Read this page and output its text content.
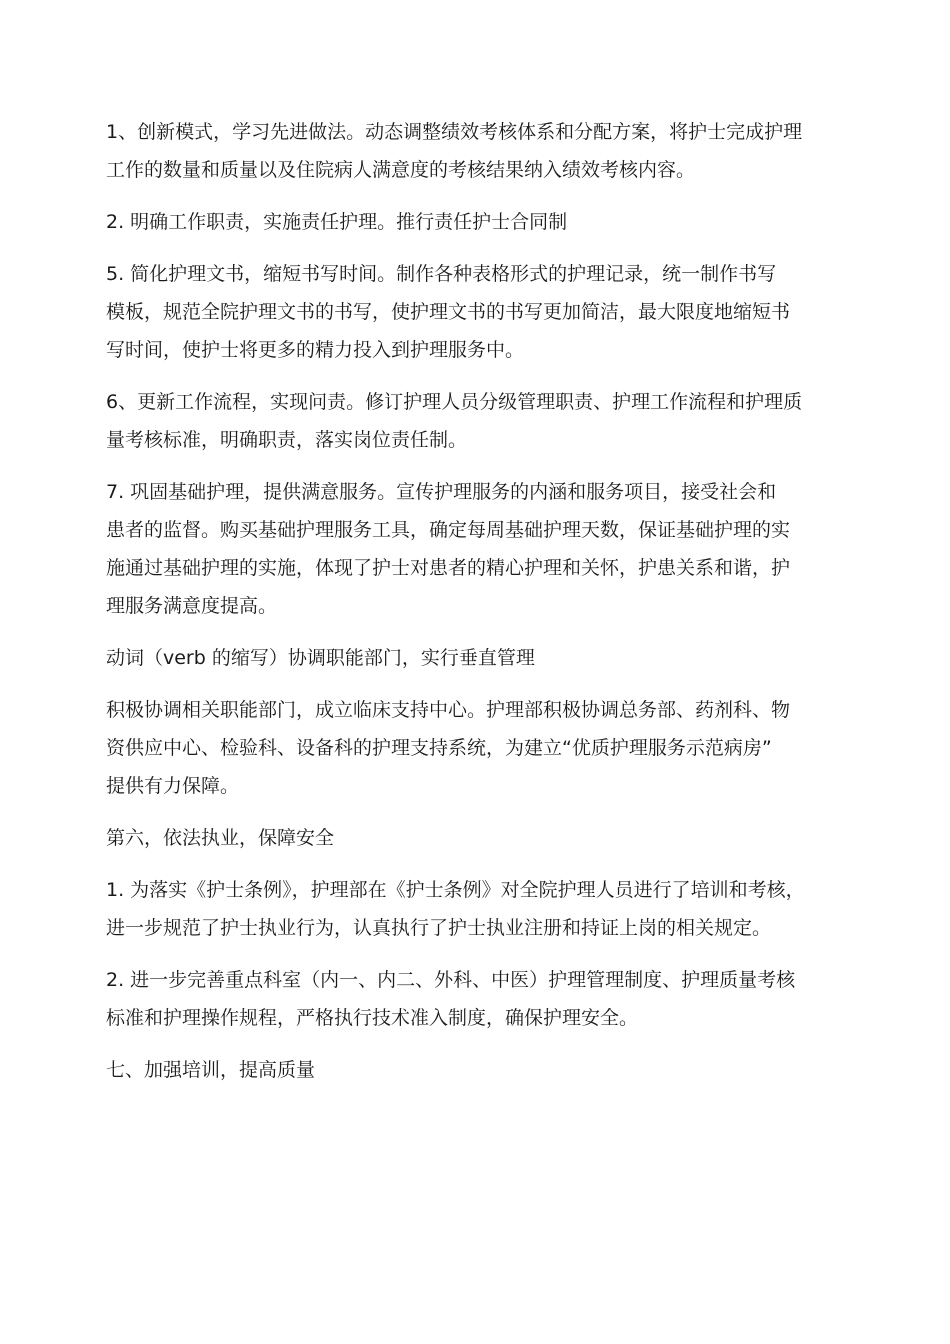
1、创新模式，学习先进做法。动态调整绩效考核体系和分配方案，将护士完成护理
工作的数量和质量以及住院病人满意度的考核结果纳入绩效考核内容。
2. 明确工作职责，实施责任护理。推行责任护士合同制
5. 简化护理文书，缩短书写时间。制作各种表格形式的护理记录，统一制作书写
模板，规范全院护理文书的书写，使护理文书的书写更加简洁，最大限度地缩短书
写时间，使护士将更多的精力投入到护理服务中。
6、更新工作流程，实现问责。修订护理人员分级管理职责、护理工作流程和护理质
量考核标准，明确职责，落实岗位责任制。
7. 巩固基础护理，提供满意服务。宣传护理服务的内涵和服务项目，接受社会和
患者的监督。购买基础护理服务工具，确定每周基础护理天数，保证基础护理的实
施通过基础护理的实施，体现了护士对患者的精心护理和关怀，护患关系和谐，护
理服务满意度提高。
动词（verb 的缩写）协调职能部门，实行垂直管理
积极协调相关职能部门，成立临床支持中心。护理部积极协调总务部、药剂科、物
资供应中心、检验科、设备科的护理支持系统，为建立“优质护理服务示范病房”
提供有力保障。
第六，依法执业，保障安全
1. 为落实《护士条例》，护理部在《护士条例》对全院护理人员进行了培训和考核，
进一步规范了护士执业行为，认真执行了护士执业注册和持证上岗的相关规定。
2. 进一步完善重点科室（内一、内二、外科、中医）护理管理制度、护理质量考核
标准和护理操作规程，严格执行技术准入制度，确保护理安全。
七、加强培训，提高质量
